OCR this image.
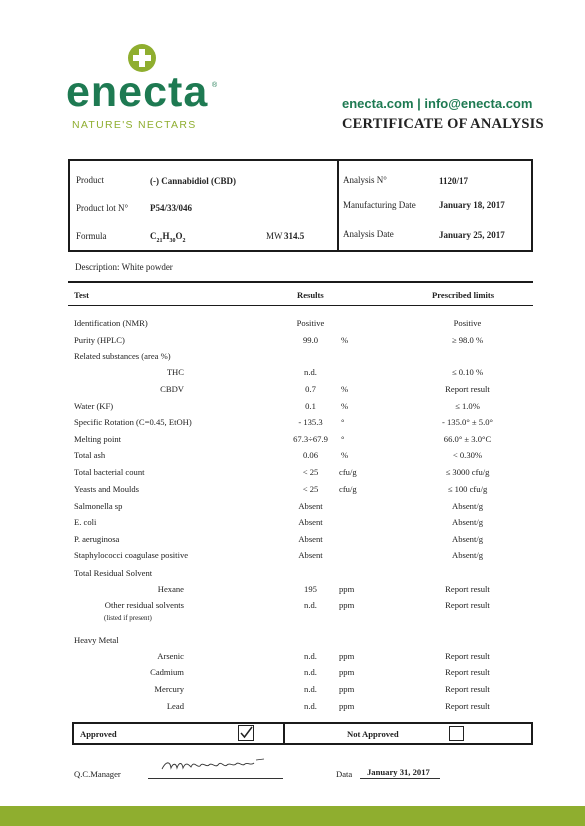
enecta ®
NATURE'S NECTARS
enecta.com | info@enecta.com
CERTIFICATE OF ANALYSIS
Product	(-) Cannabidiol (CBD)
Product lot N° P54/33/046
Formula	$C_{21}H_{30}O_2$	MW 314.5
Analysis N°	1120/17
Manufacturing Date	January 18, 2017
Analysis Date	January 25, 2017
Description: White powder
Test	Results	Prescribed limits
Identification (NMR)	Positive	Positive
Purity (HPLC)	99.0	%	≥ 98.0 %
Related substances (area %)
THC	n.d.	≤ 0.10 %
CBDV	0.7	%	Report result
Water (KF)	0.1	%	≤ 1.0%
Specific Rotation (C=0.45, EtOH)	- 135.3	°	- 135.0° ± 5.0°
Melting point	67.3÷67.9	°	66.0° ± 3.0°C
Total ash	0.06	%	< 0.30%
Total bacterial count	< 25	cfu/g	≤ 3000 cfu/g
Yeasts and Moulds	< 25	cfu/g	≤ 100 cfu/g
Salmonella sp	Absent	Absent/g
E. coli	Absent	Absent/g
P. aeruginosa	Absent	Absent/g
Staphylococci coagulase positive	Absent	Absent/g
Total Residual Solvent
Hexane	195	ppm	Report result
Other residual solvents	n.d.	ppm	Report result
Heavy Metal
Arsenic	n.d.	ppm	Report result
Cadmium	n.d.	ppm	Report result
Mercury	n.d.	ppm	Report result
Lead	n.d.	ppm	Report result
(listed if present)
Approved	Not Approved
Q.C.Manager	Data January 31, 2017
